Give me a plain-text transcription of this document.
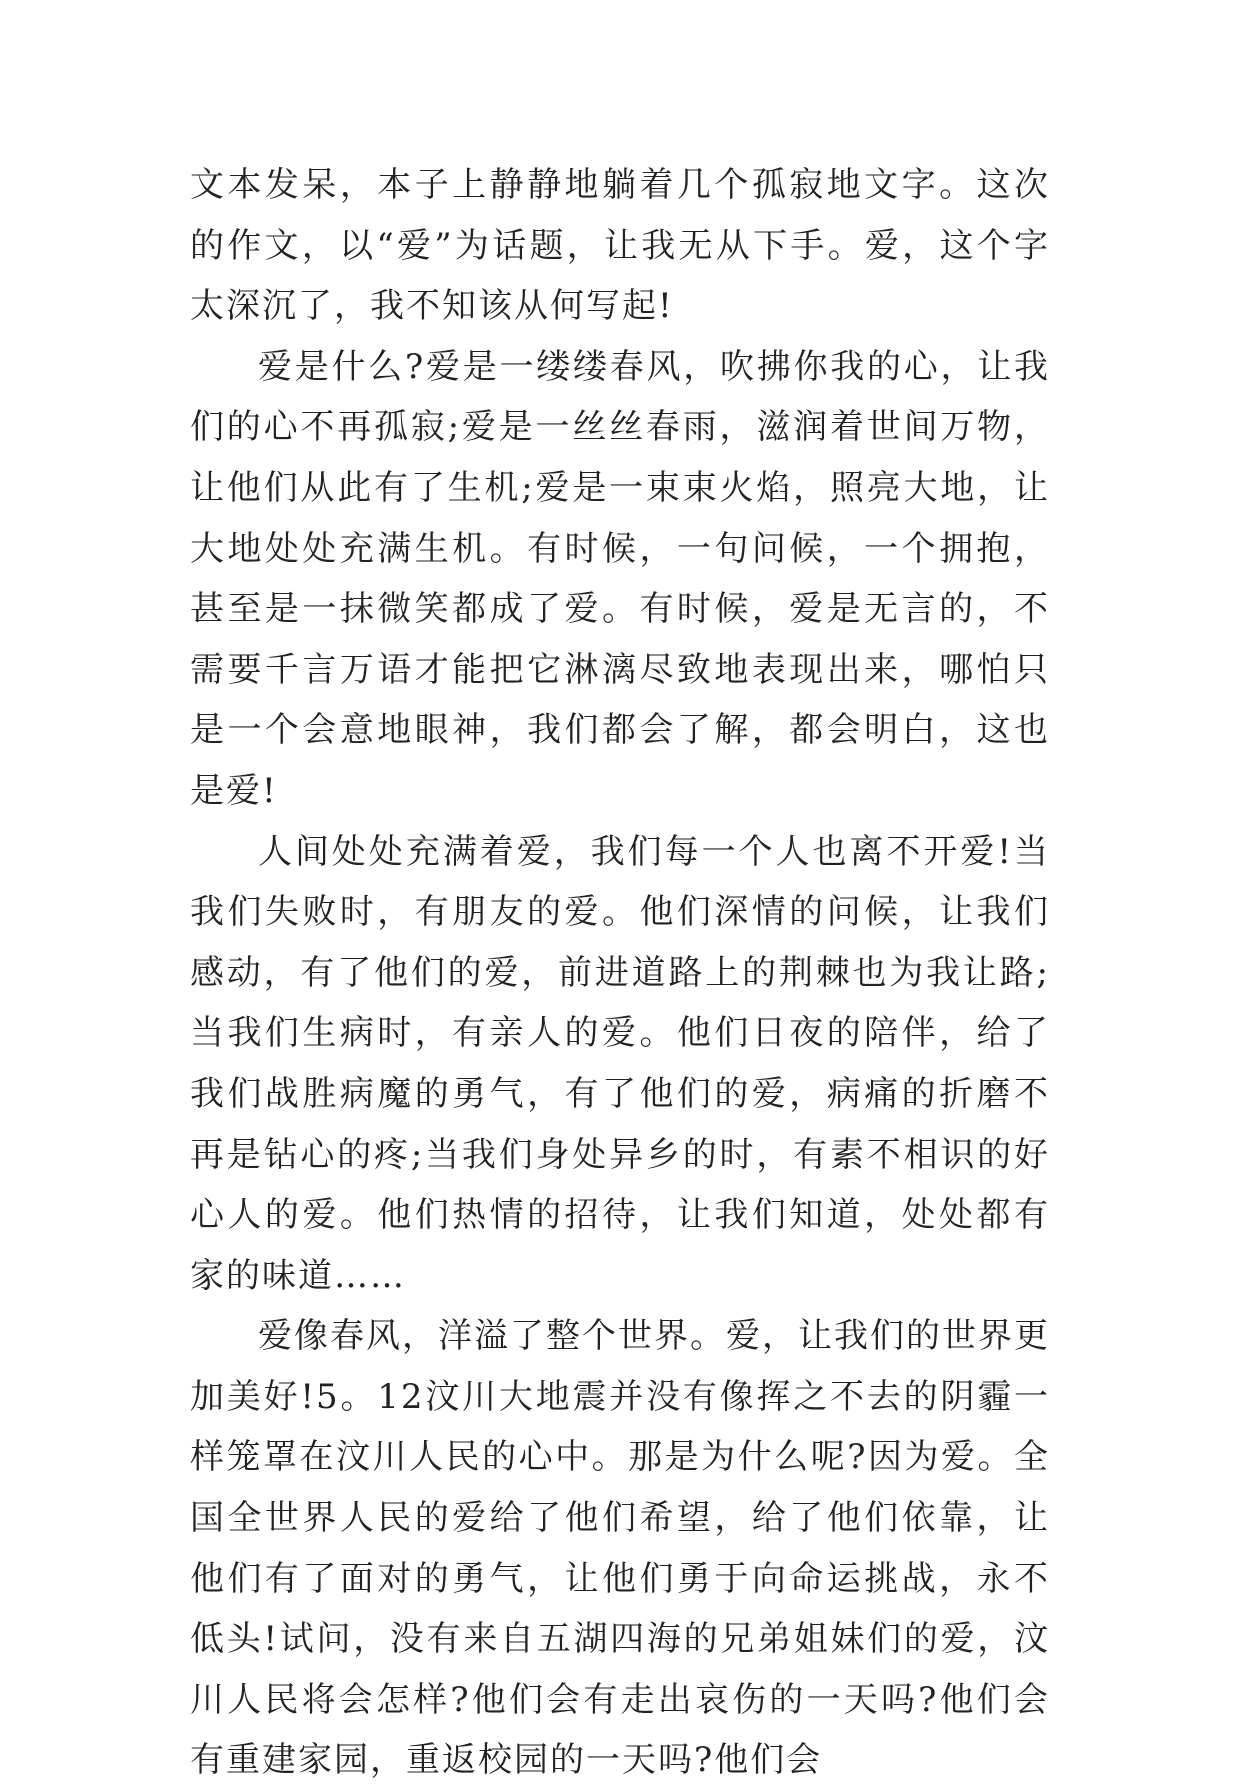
文本发呆，本子上静静地躺着几个孤寂地文字。这次的作文，以“爱”为话题，让我无从下手。爱，这个字太深沉了，我不知该从何写起!

爱是什么?爱是一缕缕春风，吹拂你我的心，让我们的心不再孤寂;爱是一丝丝春雨，滋润着世间万物，让他们从此有了生机;爱是一束束火焰，照亮大地，让大地处处充满生机。有时候，一句问候，一个拥抱，甚至是一抹微笑都成了爱。有时候，爱是无言的，不需要千言万语才能把它淋漓尽致地表现出来，哪怕只是一个会意地眼神，我们都会了解，都会明白，这也是爱!

人间处处充满着爱，我们每一个人也离不开爱!当我们失败时，有朋友的爱。他们深情的问候，让我们感动，有了他们的爱，前进道路上的荆棘也为我让路;当我们生病时，有亲人的爱。他们日夜的陪伴，给了我们战胜病魔的勇气，有了他们的爱，病痛的折磨不再是钻心的疼;当我们身处异乡的时，有素不相识的好心人的爱。他们热情的招待，让我们知道，处处都有家的味道……

爱像春风，洋溢了整个世界。爱，让我们的世界更加美好!5。12汶川大地震并没有像挥之不去的阴霾一样笼罩在汶川人民的心中。那是为什么呢?因为爱。全国全世界人民的爱给了他们希望，给了他们依靠，让他们有了面对的勇气，让他们勇于向命运挑战，永不低头!试问，没有来自五湖四海的兄弟姐妹们的爱，汶川人民将会怎样?他们会有走出哀伤的一天吗?他们会有重建家园，重返校园的一天吗?他们会
